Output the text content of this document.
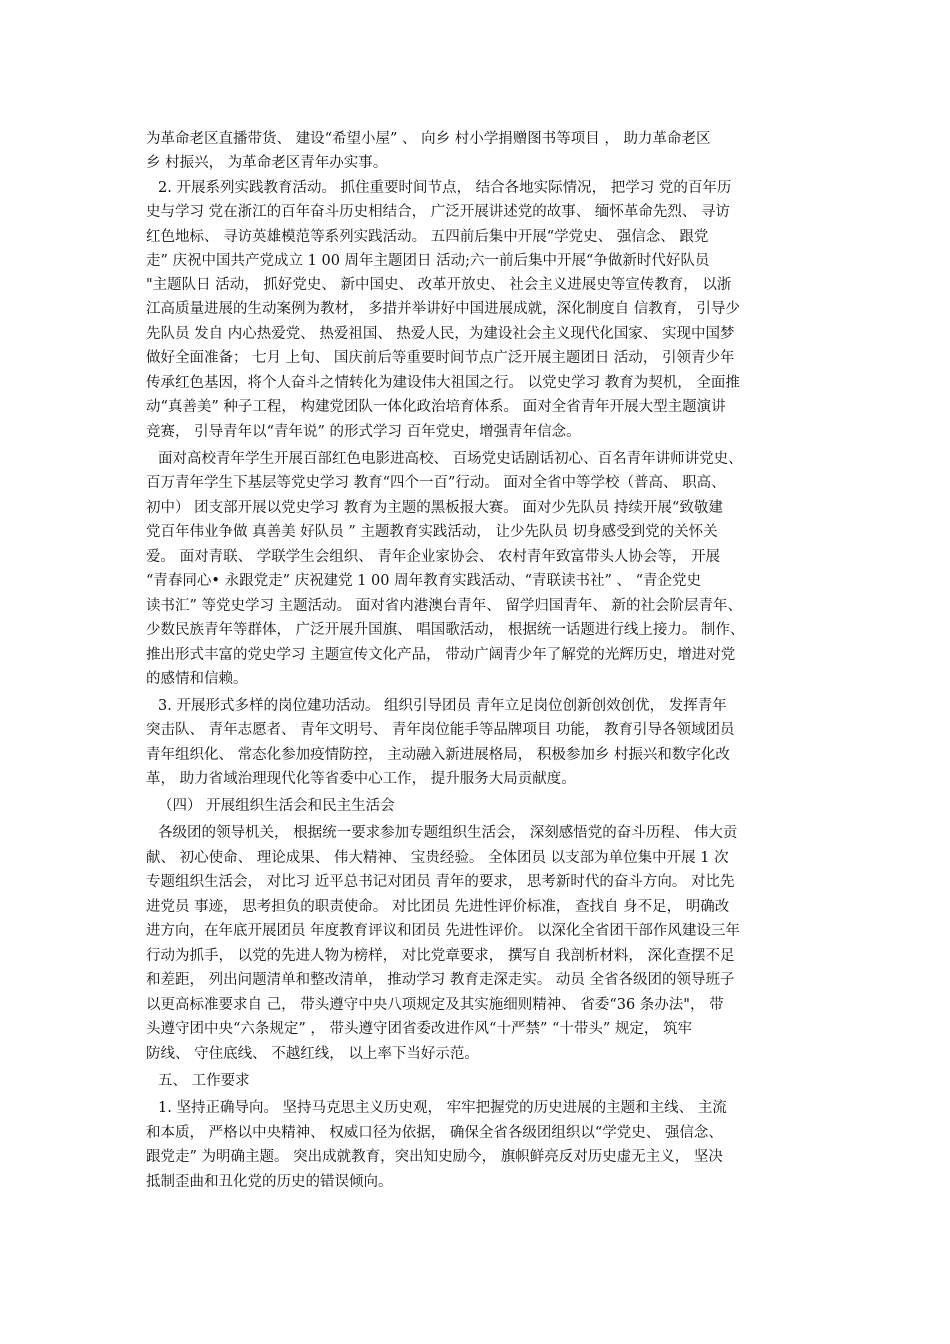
为革命老区直播带货、 建设“希望小屋” 、 向乡 村小学捐赠图书等项目 ， 助力革命老区
乡 村振兴， 为革命老区青年办实事。
2. 开展系列实践教育活动。 抓住重要时间节点， 结合各地实际情况， 把学习 党的百年历
史与学习 党在浙江的百年奋斗历史相结合， 广泛开展讲述党的故事、 缅怀革命先烈、 寻访
红色地标、 寻访英雄模范等系列实践活动。 五四前后集中开展“学党史、 强信念、 跟党
走” 庆祝中国共产党成立 1 00 周年主题团日 活动;六一前后集中开展“争做新时代好队员
"主题队日 活动， 抓好党史、 新中国史、 改革开放史、 社会主义进展史等宣传教育， 以浙
江高质量进展的生动案例为教材， 多措并举讲好中国进展成就，深化制度自 信教育， 引导少
先队员 发自 内心热爱党、 热爱祖国、 热爱人民，为建设社会主义现代化国家、 实现中国梦
做好全面准备； 七月 上旬、 国庆前后等重要时间节点广泛开展主题团日 活动， 引领青少年
传承红色基因，将个人奋斗之情转化为建设伟大祖国之行。 以党史学习 教育为契机， 全面推
动“真善美” 种子工程， 构建党团队一体化政治培育体系。 面对全省青年开展大型主题演讲
竞赛， 引导青年以“青年说” 的形式学习 百年党史，增强青年信念。
面对高校青年学生开展百部红色电影进高校、 百场党史话剧话初心、百名青年讲师讲党史、
百万青年学生下基层等党史学习 教育“四个一百”行动。 面对全省中等学校（普高、 职高、
初中） 团支部开展以党史学习 教育为主题的黑板报大赛。 面对少先队员 持续开展“致敬建
党百年伟业争做 真善美 好队员 ” 主题教育实践活动， 让少先队员 切身感受到党的关怀关
爱。 面对青联、 学联学生会组织、 青年企业家协会、 农村青年致富带头人协会等， 开展
“青春同心• 永跟党走” 庆祝建党 1 00 周年教育实践活动、“青联读书社” 、 “青企党史
读书汇” 等党史学习 主题活动。 面对省内港澳台青年、 留学归国青年、 新的社会阶层青年、
少数民族青年等群体， 广泛开展升国旗、 唱国歌活动， 根据统一话题进行线上接力。 制作、
推出形式丰富的党史学习 主题宣传文化产品， 带动广阔青少年了解党的光辉历史，增进对党
的感情和信赖。
3. 开展形式多样的岗位建功活动。 组织引导团员 青年立足岗位创新创效创优， 发挥青年
突击队、 青年志愿者、 青年文明号、 青年岗位能手等品牌项目 功能， 教育引导各领域团员
青年组织化、 常态化参加疫情防控， 主动融入新进展格局， 积极参加乡 村振兴和数字化改
革， 助力省域治理现代化等省委中心工作， 提升服务大局贡献度。
（四） 开展组织生活会和民主生活会
各级团的领导机关， 根据统一要求参加专题组织生活会， 深刻感悟党的奋斗历程、 伟大贡
献、 初心使命、 理论成果、 伟大精神、 宝贵经验。 全体团员 以支部为单位集中开展 1 次
专题组织生活会， 对比习 近平总书记对团员 青年的要求， 思考新时代的奋斗方向。 对比先
进党员 事迹， 思考担负的职责使命。 对比团员 先进性评价标准， 查找自 身不足， 明确改
进方向，在年底开展团员 年度教育评议和团员 先进性评价。 以深化全省团干部作风建设三年
行动为抓手， 以党的先进人物为榜样， 对比党章要求， 撰写自 我剖析材料， 深化查摆不足
和差距， 列出问题清单和整改清单， 推动学习 教育走深走实。 动员 全省各级团的领导班子
以更高标准要求自 己， 带头遵守中央八项规定及其实施细则精神、 省委“36 条办法"， 带
头遵守团中央“六条规定” ， 带头遵守团省委改进作风“十严禁” “十带头” 规定， 筑牢
防线、 守住底线、 不越红线， 以上率下当好示范。
五、 工作要求
1. 坚持正确导向。 坚持马克思主义历史观， 牢牢把握党的历史进展的主题和主线、 主流
和本质， 严格以中央精神、 权威口径为依据， 确保全省各级团组织以“学党史、 强信念、
跟党走” 为明确主题。 突出成就教育，突出知史励今， 旗帜鲜亮反对历史虚无主义， 坚决
抵制歪曲和丑化党的历史的错误倾向。
